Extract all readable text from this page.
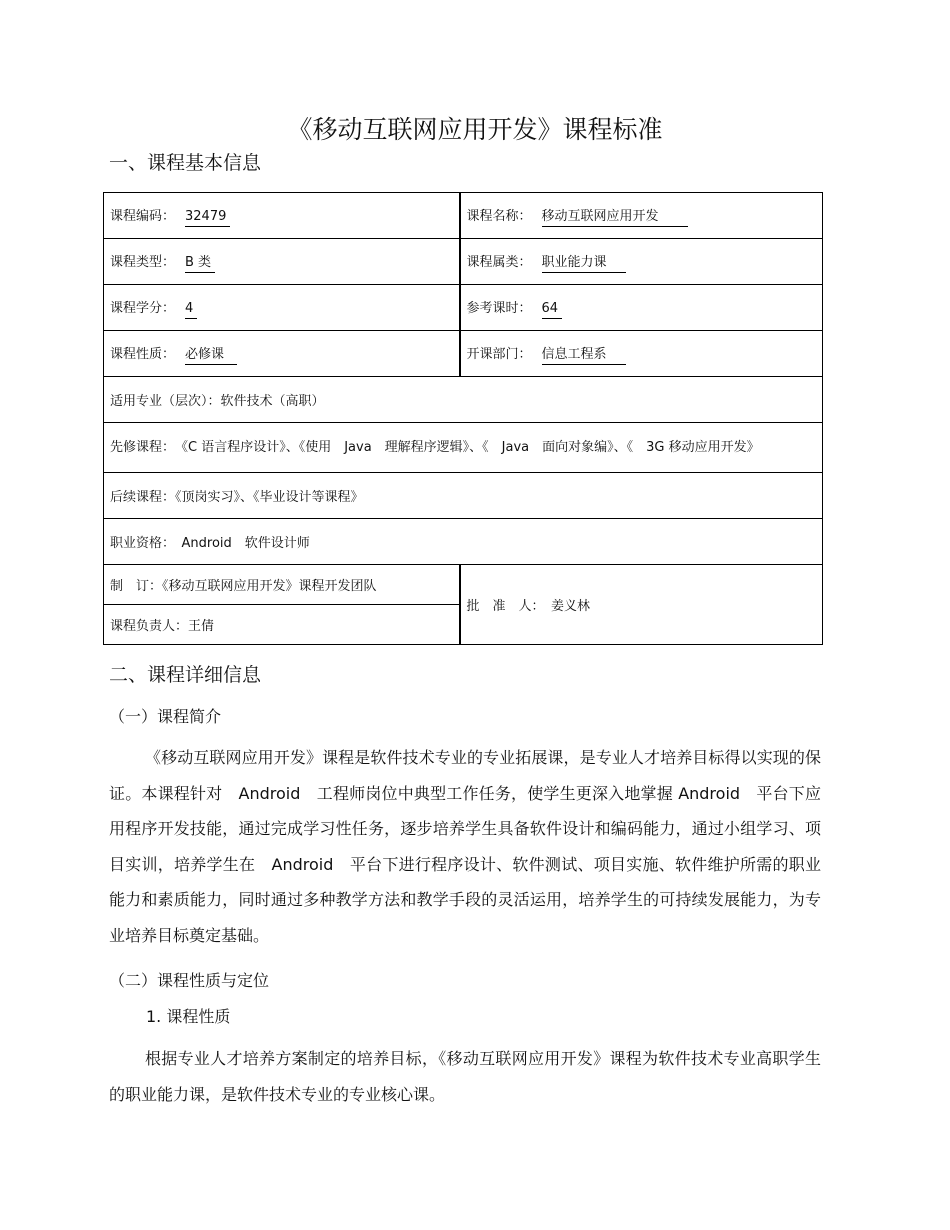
《移动互联网应用开发》课程标准
一、课程基本信息
课程编码： 32479	课程名称： 移动互联网应用开发
课程类型： B 类	课程属类： 职业能力课
课程学分： 4	参考课时： 64
课程性质： 必修课	开课部门： 信息工程系
适用专业（层次）：软件技术（高职）	
先修课程：　《C 语言程序设计》、《使用　Java　理解程序逻辑》、《　Java　面向对象编》、《　3G 移动应用开发》	
后续课程：《顶岗实习》、《毕业设计等课程》	
职业资格：　Android　软件设计师	
制　订：《移动互联网应用开发》课程开发团队	批　准　人：　姜义林
课程负责人：王倩	
二、课程详细信息
（一）课程简介
《移动互联网应用开发》课程是软件技术专业的专业拓展课，是专业人才培养目标得以实现的保证。本课程针对　Android　工程师岗位中典型工作任务，使学生更深入地掌握 Android　平台下应用程序开发技能，通过完成学习性任务，逐步培养学生具备软件设计和编码能力，通过小组学习、项目实训，培养学生在　Android　平台下进行程序设计、软件测试、项目实施、软件维护所需的职业能力和素质能力，同时通过多种教学方法和教学手段的灵活运用，培养学生的可持续发展能力，为专业培养目标奠定基础。
（二）课程性质与定位
1. 课程性质
根据专业人才培养方案制定的培养目标，《移动互联网应用开发》课程为软件技术专业高职学生的职业能力课，是软件技术专业的专业核心课。
